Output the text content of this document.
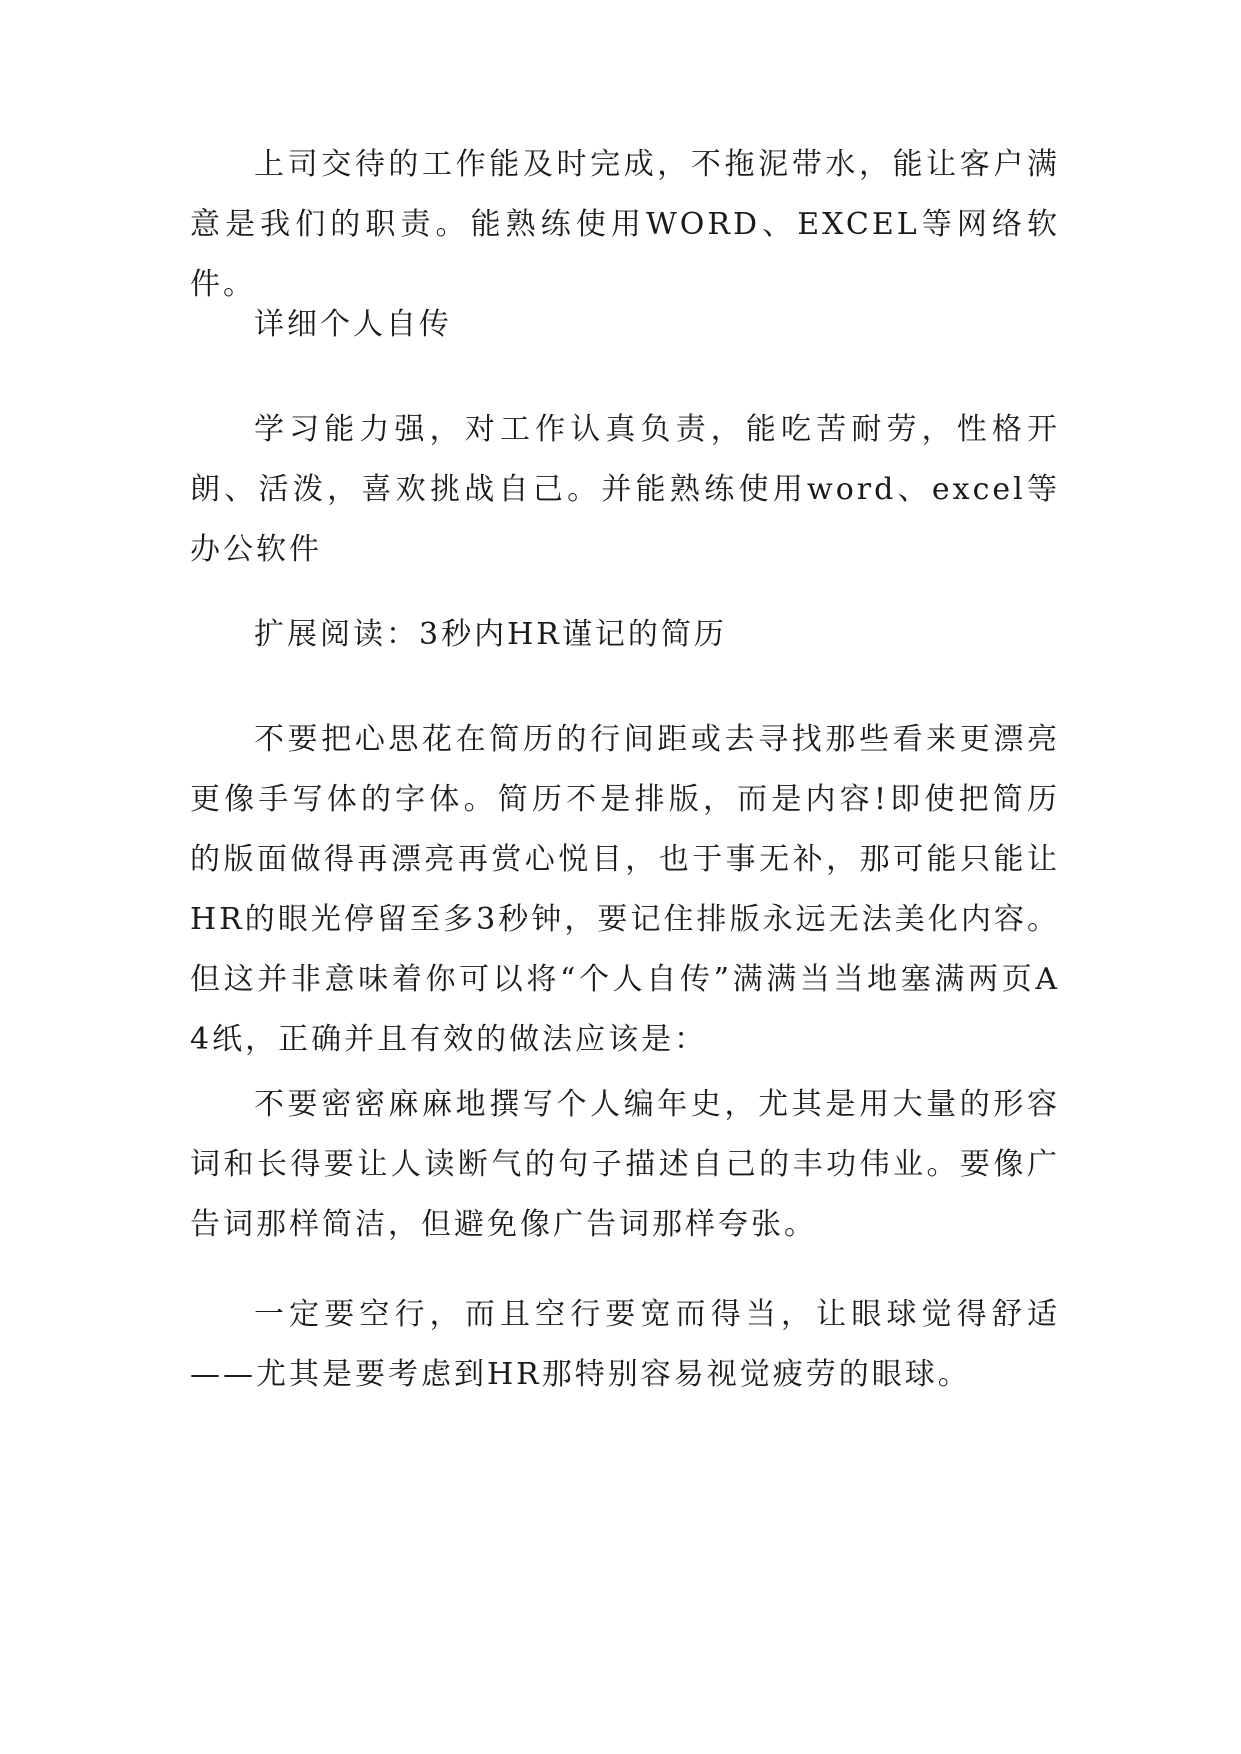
上司交待的工作能及时完成，不拖泥带水，能让客户满意是我们的职责。能熟练使用WORD、EXCEL等网络软件。

详细个人自传

学习能力强，对工作认真负责，能吃苦耐劳，性格开朗、活泼，喜欢挑战自己。并能熟练使用word、excel等办公软件

扩展阅读：3秒内HR谨记的简历

不要把心思花在简历的行间距或去寻找那些看来更漂亮更像手写体的字体。简历不是排版，而是内容!即使把简历的版面做得再漂亮再赏心悦目，也于事无补，那可能只能让HR的眼光停留至多3秒钟，要记住排版永远无法美化内容。但这并非意味着你可以将“个人自传”满满当当地塞满两页A4纸，正确并且有效的做法应该是：

不要密密麻麻地撰写个人编年史，尤其是用大量的形容词和长得要让人读断气的句子描述自己的丰功伟业。要像广告词那样简洁，但避免像广告词那样夸张。

一定要空行，而且空行要宽而得当，让眼球觉得舒适——尤其是要考虑到HR那特别容易视觉疲劳的眼球。
